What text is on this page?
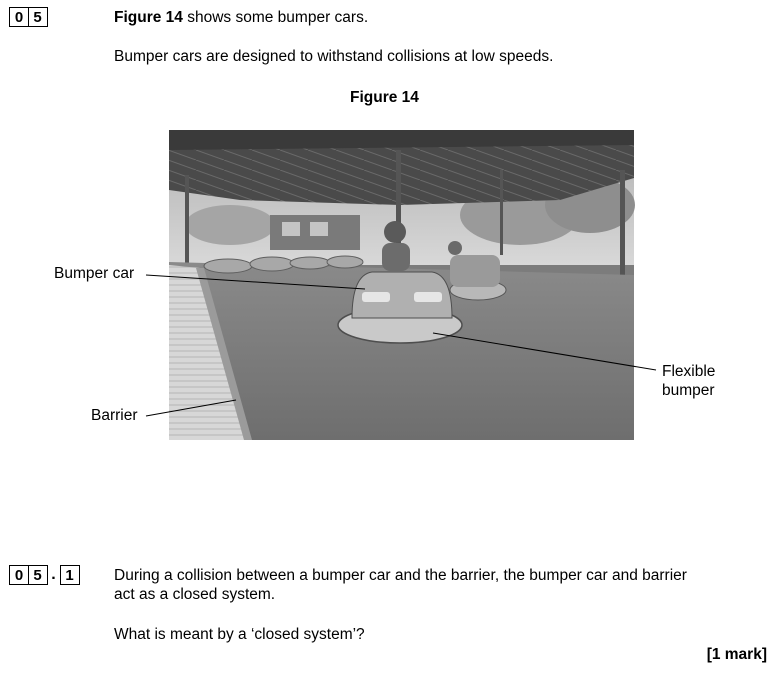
0 5	Figure 14 shows some bumper cars.
Bumper cars are designed to withstand collisions at low speeds.
Figure 14
Bumper car
Barrier
Flexible
bumper
0 5 . 1	During a collision between a bumper car and the barrier, the bumper car and barrier
act as a closed system.
What is meant by a ‘closed system’?
[1 mark]
